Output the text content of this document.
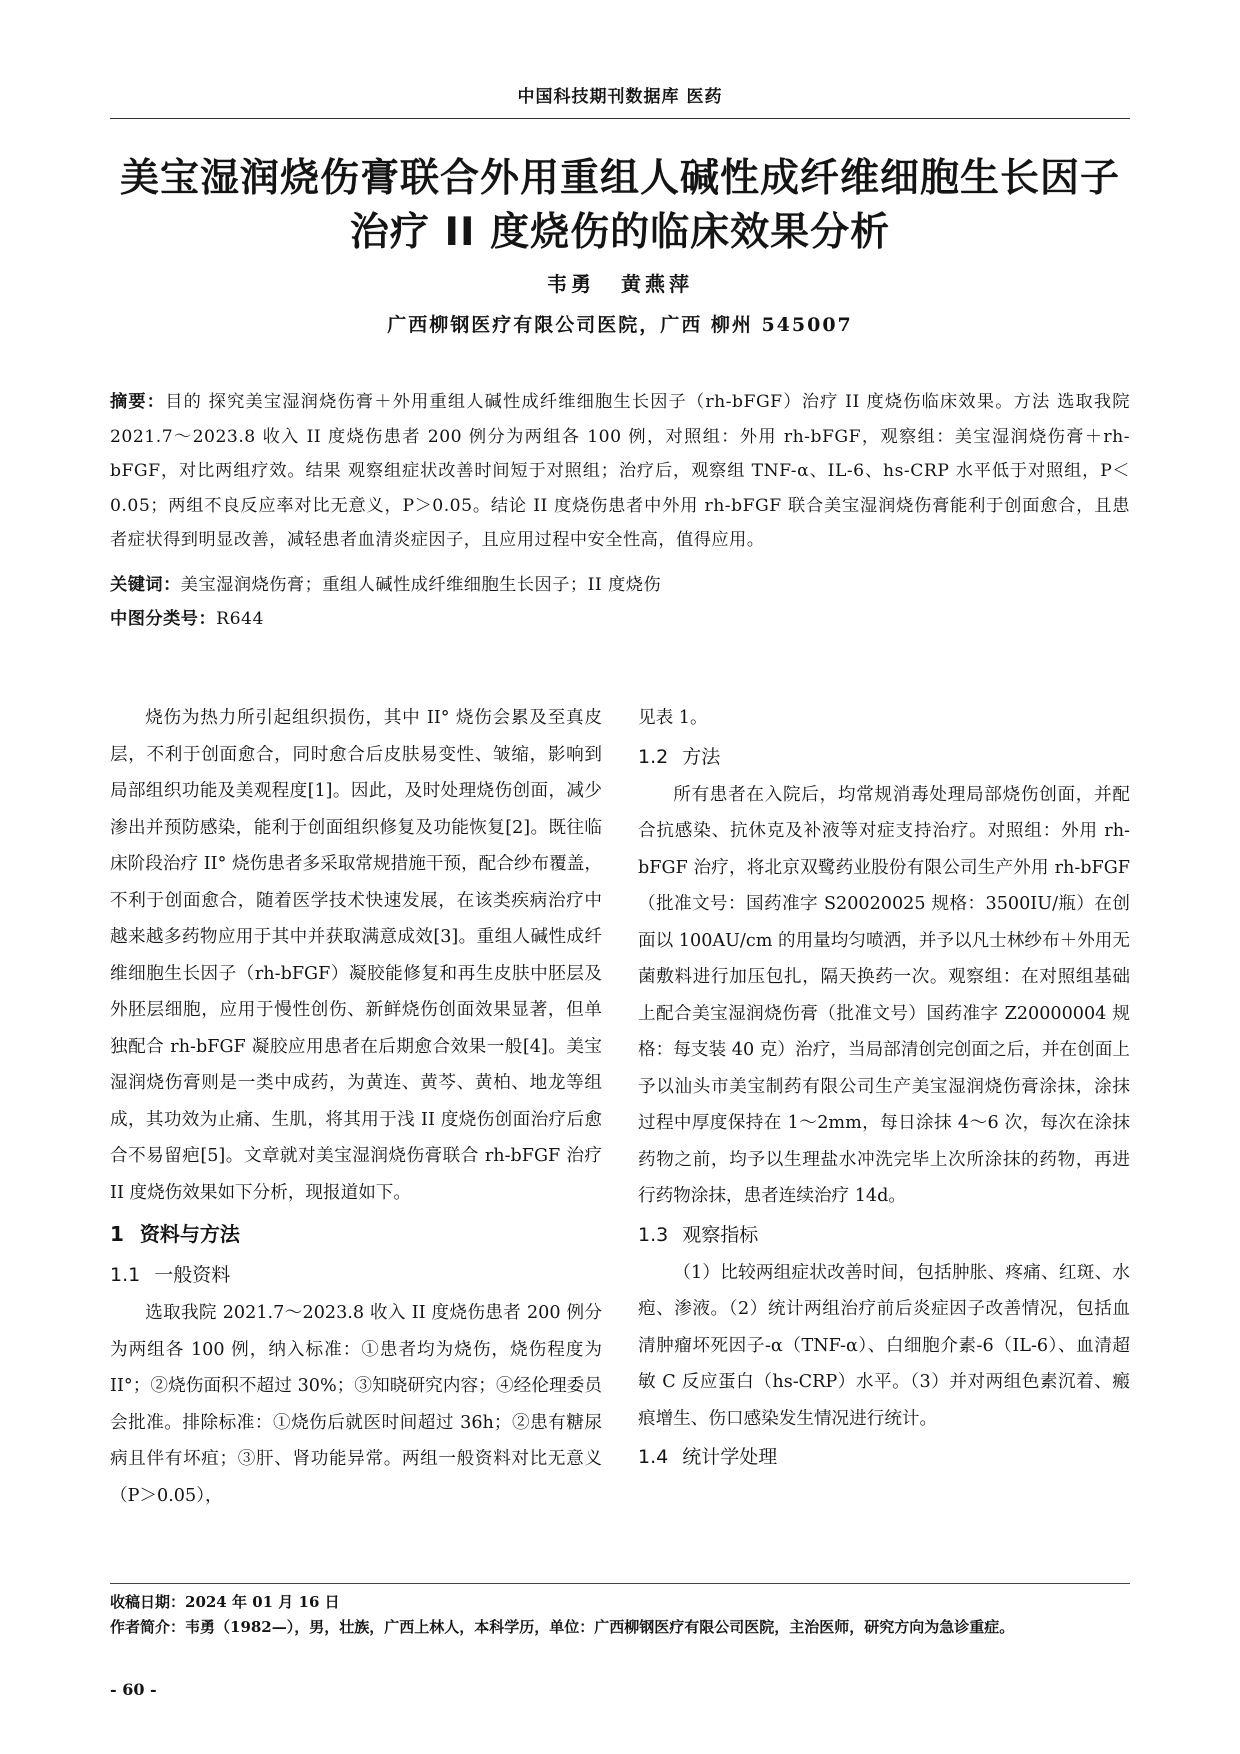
中国科技期刊数据库 医药
美宝湿润烧伤膏联合外用重组人碱性成纤维细胞生长因子治疗 II 度烧伤的临床效果分析
韦勇 黄燕萍
广西柳钢医疗有限公司医院，广西 柳州 545007

摘要：目的 探究美宝湿润烧伤膏＋外用重组人碱性成纤维细胞生长因子（rh-bFGF）治疗 II 度烧伤临床效果。方法 选取我院 2021.7～2023.8 收入 II 度烧伤患者 200 例分为两组各 100 例，对照组：外用 rh-bFGF，观察组：美宝湿润烧伤膏＋rh-bFGF，对比两组疗效。结果 观察组症状改善时间短于对照组；治疗后，观察组 TNF-α、IL-6、hs-CRP 水平低于对照组，P＜0.05；两组不良反应率对比无意义，P＞0.05。结论 II 度烧伤患者中外用 rh-bFGF 联合美宝湿润烧伤膏能利于创面愈合，且患者症状得到明显改善，减轻患者血清炎症因子，且应用过程中安全性高，值得应用。

关键词：美宝湿润烧伤膏；重组人碱性成纤维细胞生长因子；II 度烧伤

中图分类号：R644

烧伤为热力所引起组织损伤，其中 II° 烧伤会累及至真皮层，不利于创面愈合，同时愈合后皮肤易变性、皱缩，影响到局部组织功能及美观程度[1]。因此，及时处理烧伤创面，减少渗出并预防感染，能利于创面组织修复及功能恢复[2]。既往临床阶段治疗 II° 烧伤患者多采取常规措施干预，配合纱布覆盖，不利于创面愈合，随着医学技术快速发展，在该类疾病治疗中越来越多药物应用于其中并获取满意成效[3]。重组人碱性成纤维细胞生长因子（rh-bFGF）凝胶能修复和再生皮肤中胚层及外胚层细胞，应用于慢性创伤、新鲜烧伤创面效果显著，但单独配合 rh-bFGF 凝胶应用患者在后期愈合效果一般[4]。美宝湿润烧伤膏则是一类中成药，为黄连、黄芩、黄柏、地龙等组成，其功效为止痛、生肌，将其用于浅 II 度烧伤创面治疗后愈合不易留疤[5]。文章就对美宝湿润烧伤膏联合 rh-bFGF 治疗 II 度烧伤效果如下分析，现报道如下。

1 资料与方法
1.1 一般资料

选取我院 2021.7～2023.8 收入 II 度烧伤患者 200 例分为两组各 100 例，纳入标准：①患者均为烧伤，烧伤程度为 II°；②烧伤面积不超过 30%；③知晓研究内容；④经伦理委员会批准。排除标准：①烧伤后就医时间超过 36h；②患有糖尿病且伴有坏疽；③肝、肾功能异常。两组一般资料对比无意义（P＞0.05），

见表 1。

1.2 方法

所有患者在入院后，均常规消毒处理局部烧伤创面，并配合抗感染、抗休克及补液等对症支持治疗。对照组：外用 rh-bFGF 治疗，将北京双鹭药业股份有限公司生产外用 rh-bFGF（批准文号：国药准字 S20020025 规格：3500IU/瓶）在创面以 100AU/cm 的用量均匀喷洒，并予以凡士林纱布＋外用无菌敷料进行加压包扎，隔天换药一次。观察组：在对照组基础上配合美宝湿润烧伤膏（批准文号）国药准字 Z20000004 规格：每支装 40 克）治疗，当局部清创完创面之后，并在创面上予以汕头市美宝制药有限公司生产美宝湿润烧伤膏涂抹，涂抹过程中厚度保持在 1～2mm，每日涂抹 4～6 次，每次在涂抹药物之前，均予以生理盐水冲洗完毕上次所涂抹的药物，再进行药物涂抹，患者连续治疗 14d。

1.3 观察指标

（1）比较两组症状改善时间，包括肿胀、疼痛、红斑、水疱、渗液。（2）统计两组治疗前后炎症因子改善情况，包括血清肿瘤坏死因子-α（TNF-α）、白细胞介素-6（IL-6）、血清超敏 C 反应蛋白（hs-CRP）水平。（3）并对两组色素沉着、瘢痕增生、伤口感染发生情况进行统计。

1.4 统计学处理

收稿日期：2024 年 01 月 16 日

作者简介：韦勇（1982—），男，壮族，广西上林人，本科学历，单位：广西柳钢医疗有限公司医院，主治医师，研究方向为急诊重症。

- 60 -
